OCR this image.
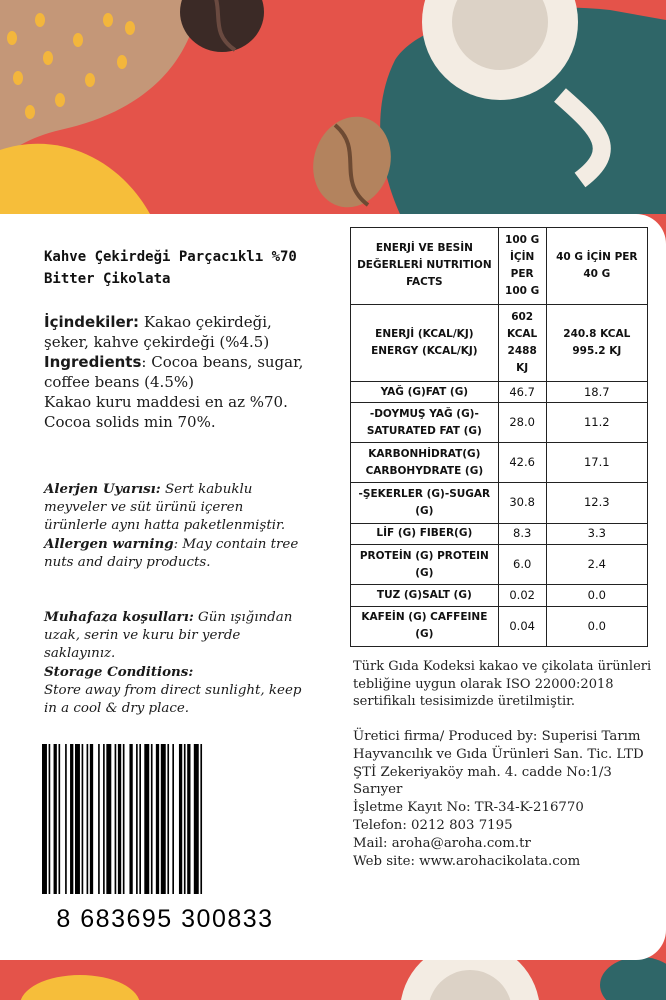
Kahve Çekirdeği Parçacıklı %70 Bitter Çikolata

İçindekiler: Kakao çekirdeği, şeker, kahve çekirdeği (%4.5)

Ingredients: Cocoa beans, sugar, coffee beans (4.5%)

Kakao kuru maddesi en az %70.

Cocoa solids min 70%.

Alerjen Uyarısı: Sert kabuklu meyveler ve süt ürünü içeren ürünlerle aynı hatta paketlenmiştir.

Allergen warning: May contain tree nuts and dairy products.

Muhafaza koşulları: Gün ışığından uzak, serin ve kuru bir yerde saklayınız.

Storage Conditions:

Store away from direct sunlight, keep in a cool & dry place.

8 683695 300833
ENERJİ VE BESİN DEĞERLERİ NUTRITION FACTS	100 G İÇİN PER 100 G	40 G İÇİN PER 40 G
ENERJİ (KCAL/KJ) ENERGY (KCAL/KJ)	602 KCAL 2488 KJ	240.8 KCAL 995.2 KJ
YAĞ (G)FAT (G)	46.7	18.7
-DOYMUŞ YAĞ (G)-SATURATED FAT (G)	28.0	11.2
KARBONHİDRAT(G) CARBOHYDRATE (G)	42.6	17.1
-ŞEKERLER (G)-SUGAR (G)	30.8	12.3
LİF (G) FIBER(G)	8.3	3.3
PROTEİN (G) PROTEIN (G)	6.0	2.4
TUZ (G)SALT (G)	0.02	0.0
KAFEİN (G) CAFFEINE (G)	0.04	0.0
Türk Gıda Kodeksi kakao ve çikolata ürünleri tebliğine uygun olarak ISO 22000:2018 sertifikalı tesisimizde üretilmiştir.

Üretici firma/ Produced by: Superisi Tarım Hayvancılık ve Gıda Ürünleri San. Tic. LTD ŞTİ Zekeriyaköy mah. 4. cadde No:1/3 Sarıyer

İşletme Kayıt No: TR-34-K-216770

Telefon: 0212 803 7195

Mail: aroha@aroha.com.tr

Web site: www.arohacikolata.com
